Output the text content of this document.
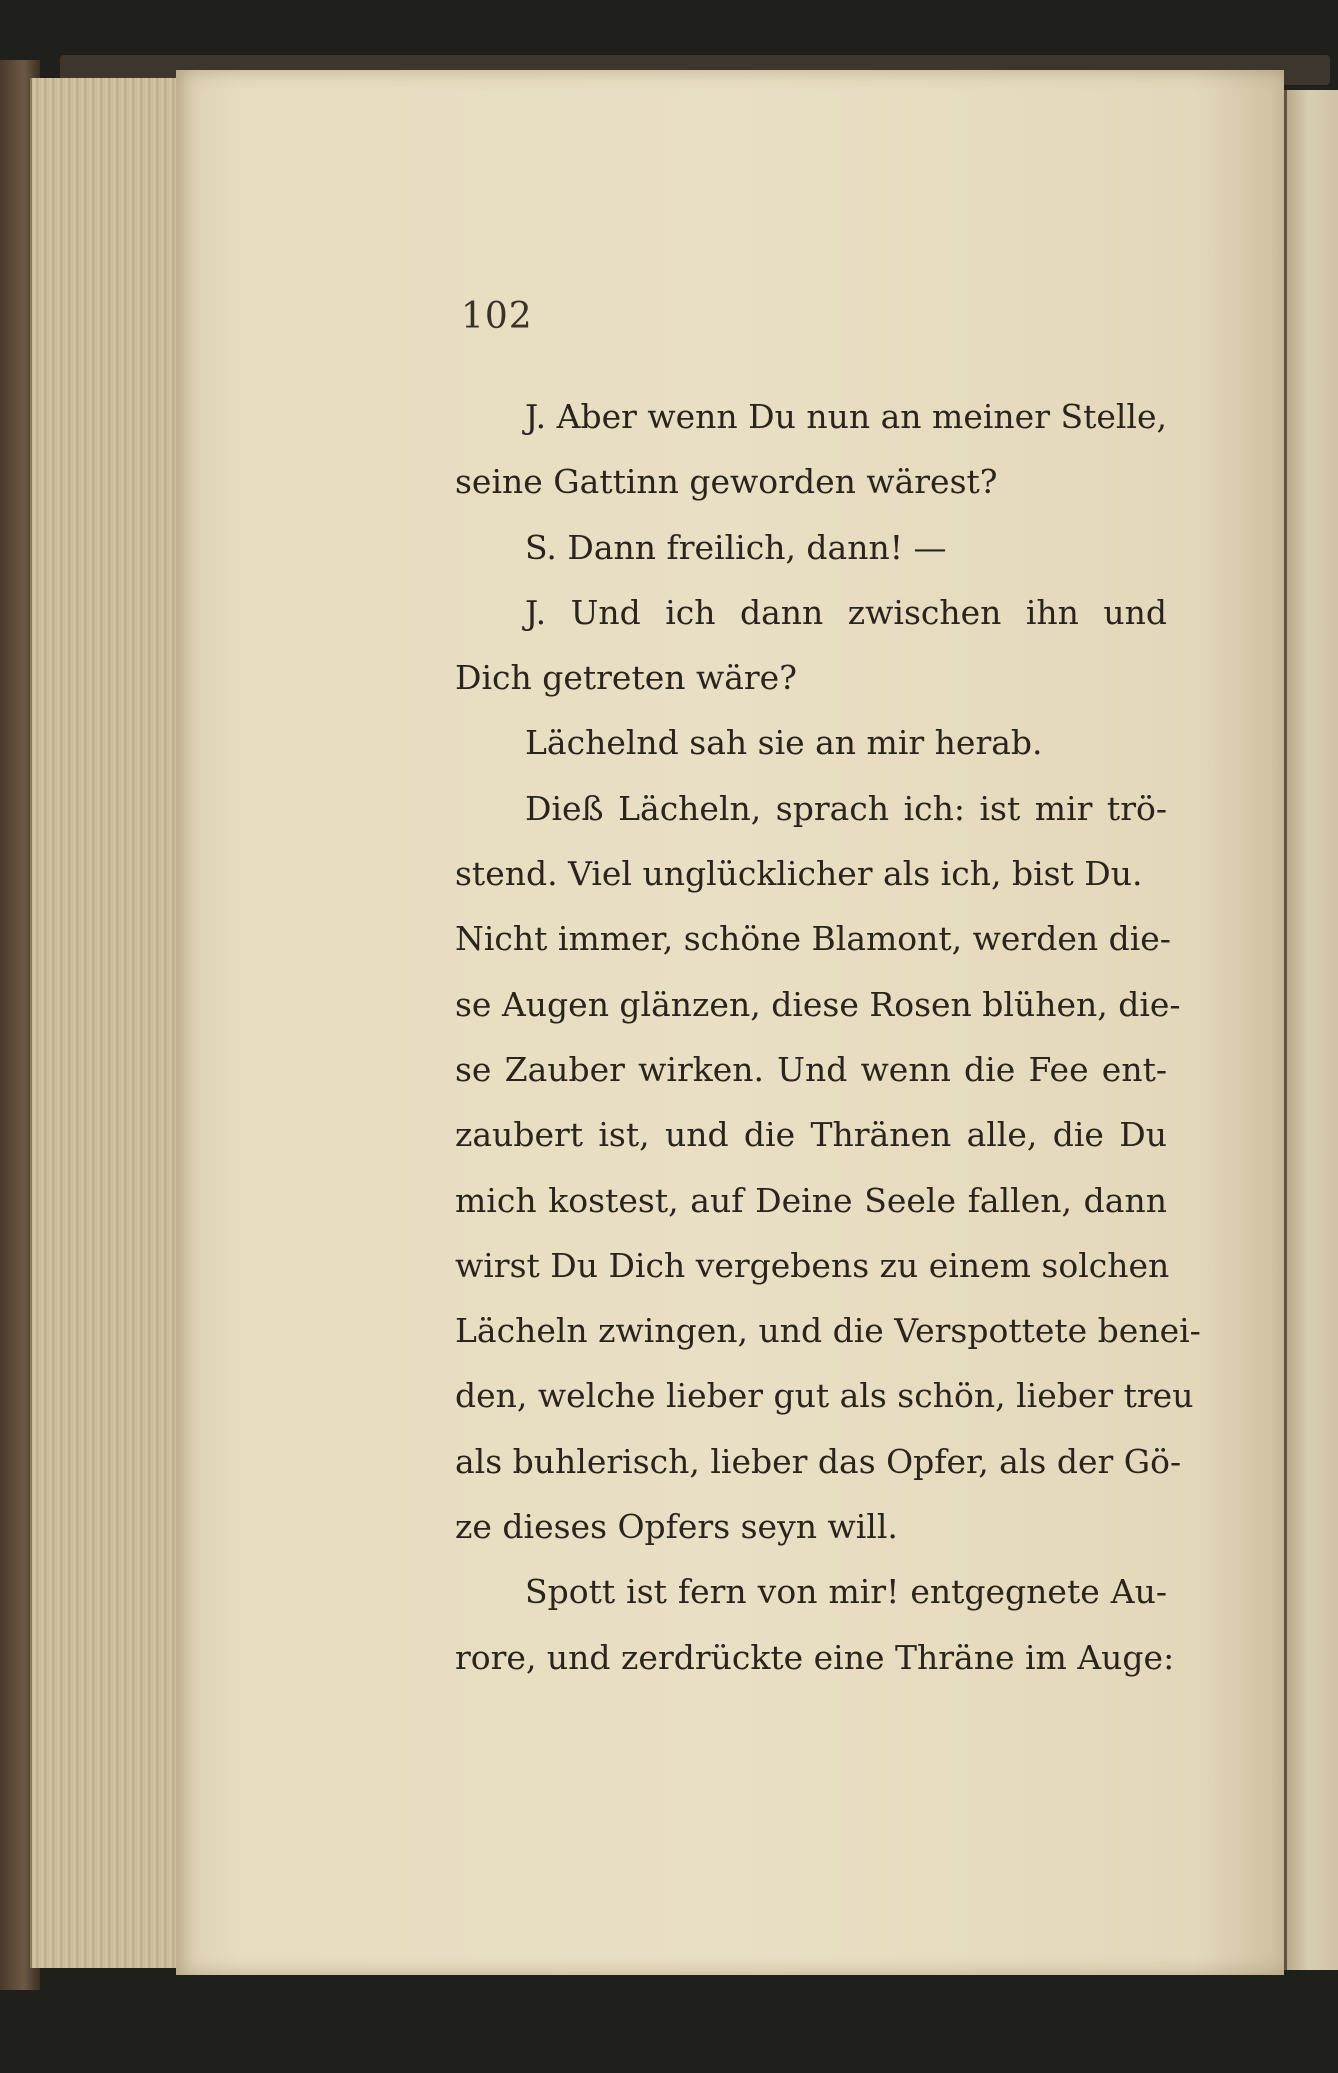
102
J. Aber wenn Du nun an meiner Stelle,
seine Gattinn geworden wärest?
S. Dann freilich, dann! —
J. Und ich dann zwischen ihn und
Dich getreten wäre?
Lächelnd sah sie an mir herab.
Dieß Lächeln, sprach ich: ist mir trö-
stend. Viel unglücklicher als ich, bist Du.
Nicht immer, schöne Blamont, werden die-
se Augen glänzen, diese Rosen blühen, die-
se Zauber wirken. Und wenn die Fee ent-
zaubert ist, und die Thränen alle, die Du
mich kostest, auf Deine Seele fallen, dann
wirst Du Dich vergebens zu einem solchen
Lächeln zwingen, und die Verspottete benei-
den, welche lieber gut als schön, lieber treu
als buhlerisch, lieber das Opfer, als der Gö-
ze dieses Opfers seyn will.
Spott ist fern von mir! entgegnete Au-
rore, und zerdrückte eine Thräne im Auge:
